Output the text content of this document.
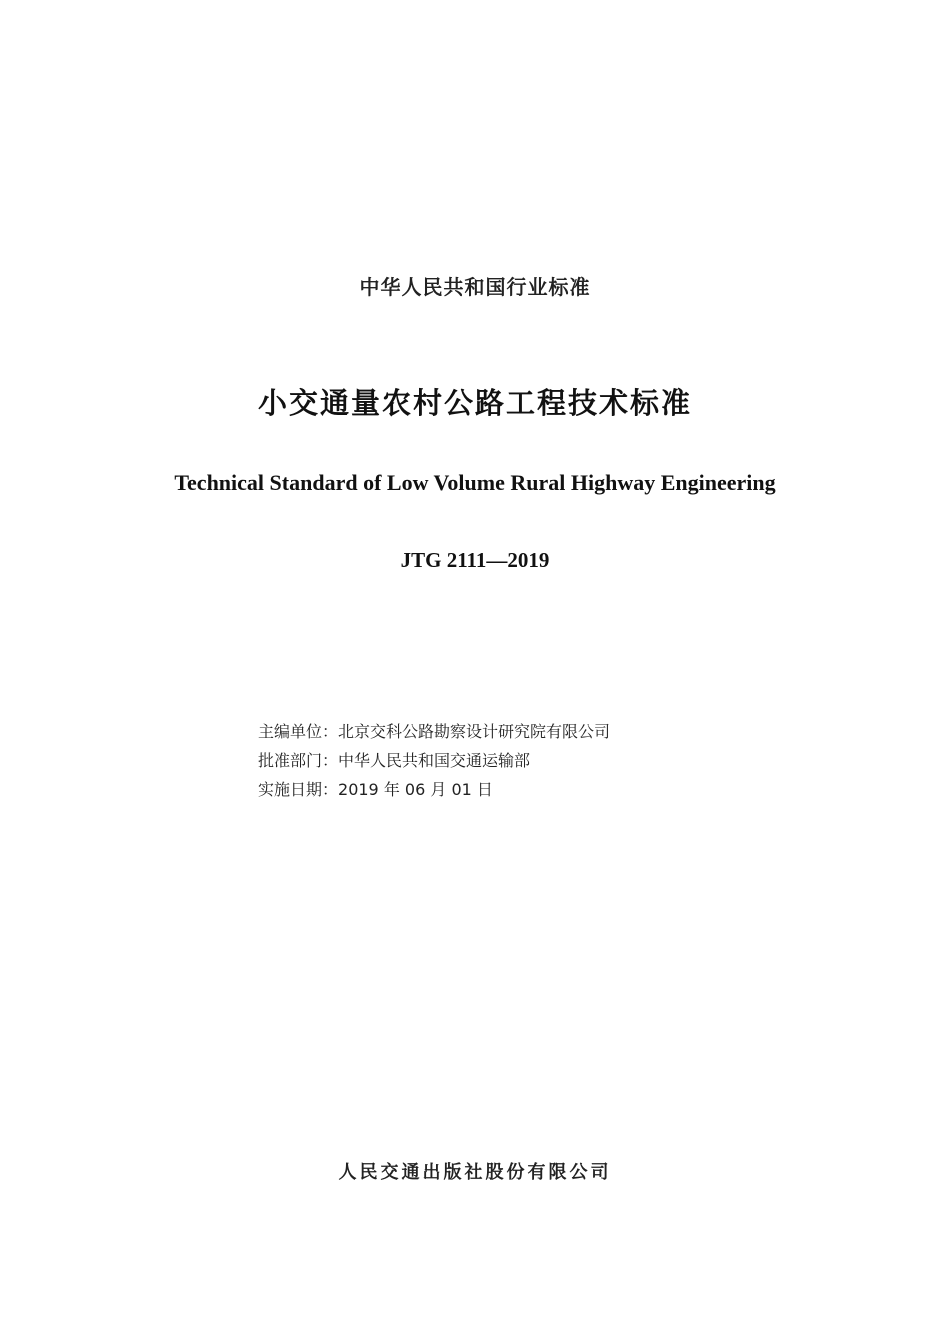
中华人民共和国行业标准
小交通量农村公路工程技术标准
Technical Standard of Low Volume Rural Highway Engineering
JTG 2111—2019
主编单位：北京交科公路勘察设计研究院有限公司
批准部门：中华人民共和国交通运输部
实施日期：2019 年 06 月 01 日
人民交通出版社股份有限公司
